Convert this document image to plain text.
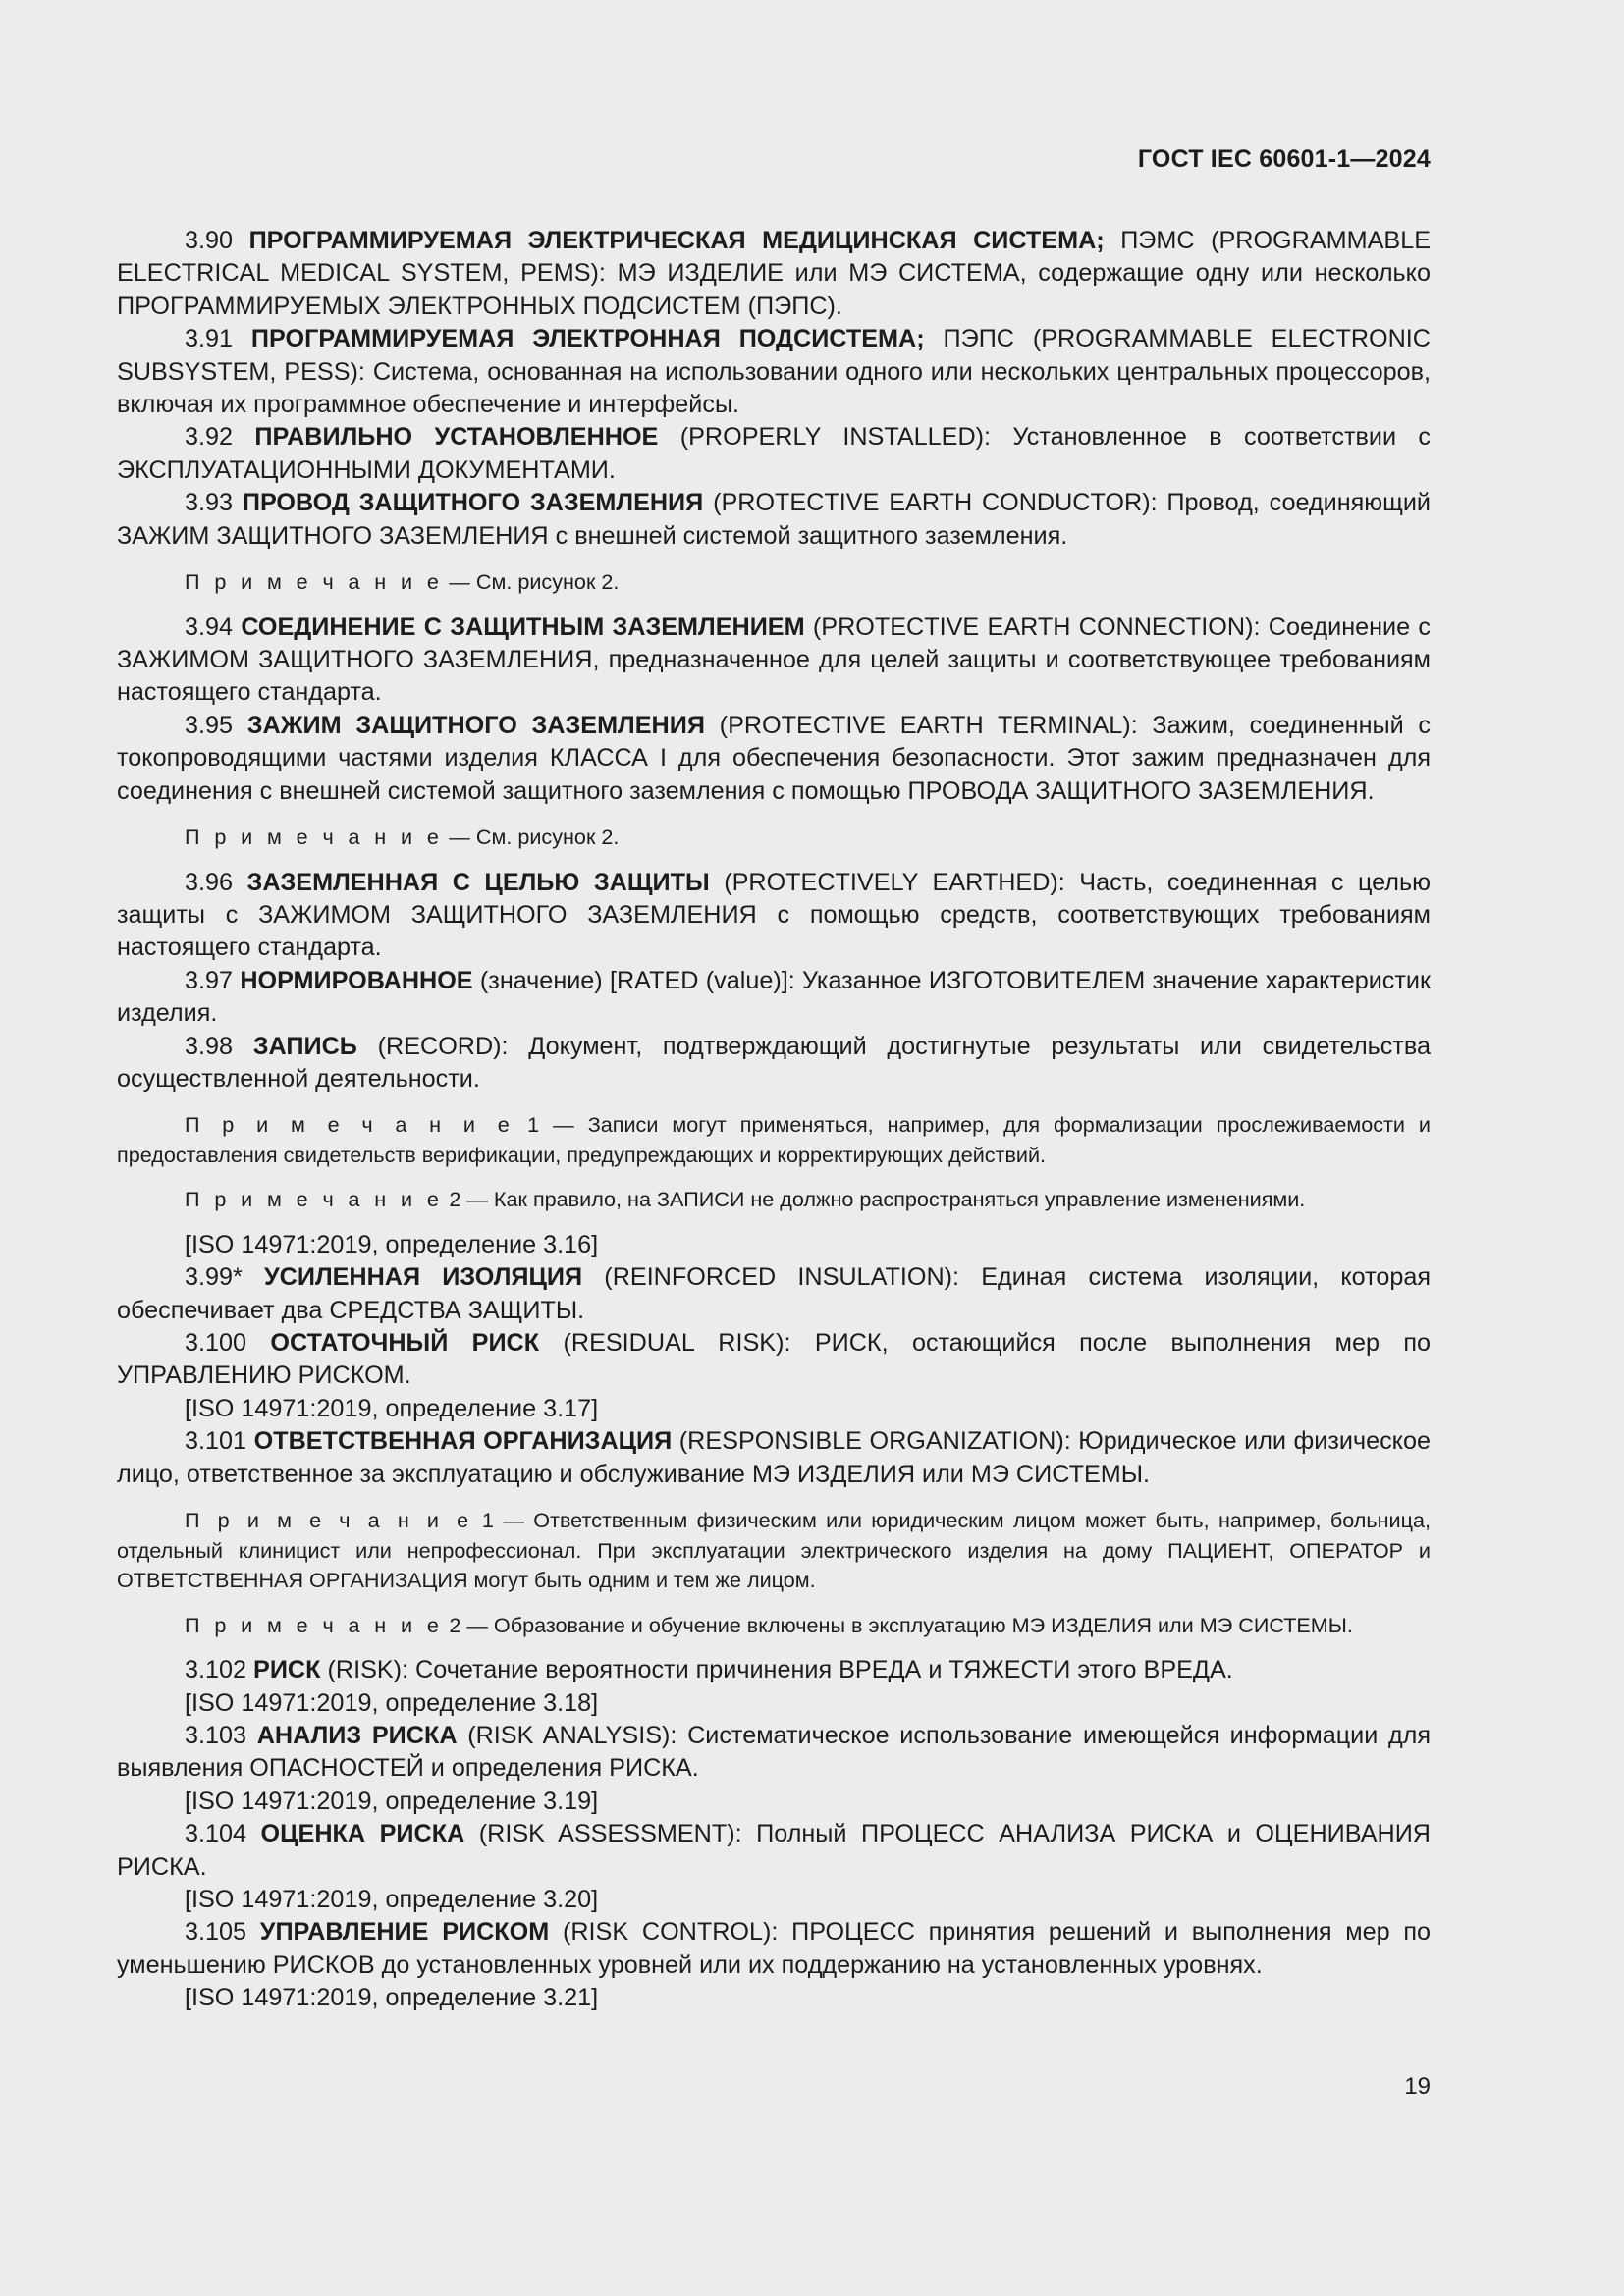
ГОСТ IEC 60601-1—2024

3.90 ПРОГРАММИРУЕМАЯ ЭЛЕКТРИЧЕСКАЯ МЕДИЦИНСКАЯ СИСТЕМА; ПЭМС (PROGRAMMABLE ELECTRICAL MEDICAL SYSTEM, PEMS): МЭ ИЗДЕЛИЕ или МЭ СИСТЕМА, содержащие одну или несколько ПРОГРАММИРУЕМЫХ ЭЛЕКТРОННЫХ ПОДСИСТЕМ (ПЭПС).

3.91 ПРОГРАММИРУЕМАЯ ЭЛЕКТРОННАЯ ПОДСИСТЕМА; ПЭПС (PROGRAMMABLE ELECTRONIC SUBSYSTEM, PESS): Система, основанная на использовании одного или нескольких центральных процессоров, включая их программное обеспечение и интерфейсы.

3.92 ПРАВИЛЬНО УСТАНОВЛЕННОЕ (PROPERLY INSTALLED): Установленное в соответствии с ЭКСПЛУАТАЦИОННЫМИ ДОКУМЕНТАМИ.

3.93 ПРОВОД ЗАЩИТНОГО ЗАЗЕМЛЕНИЯ (PROTECTIVE EARTH CONDUCTOR): Провод, соединяющий ЗАЖИМ ЗАЩИТНОГО ЗАЗЕМЛЕНИЯ с внешней системой защитного заземления.

П р и м е ч а н и е — См. рисунок 2.

3.94 СОЕДИНЕНИЕ С ЗАЩИТНЫМ ЗАЗЕМЛЕНИЕМ (PROTECTIVE EARTH CONNECTION): Соединение с ЗАЖИМОМ ЗАЩИТНОГО ЗАЗЕМЛЕНИЯ, предназначенное для целей защиты и соответствующее требованиям настоящего стандарта.

3.95 ЗАЖИМ ЗАЩИТНОГО ЗАЗЕМЛЕНИЯ (PROTECTIVE EARTH TERMINAL): Зажим, соединенный с токопроводящими частями изделия КЛАССА I для обеспечения безопасности. Этот зажим предназначен для соединения с внешней системой защитного заземления с помощью ПРОВОДА ЗАЩИТНОГО ЗАЗЕМЛЕНИЯ.

П р и м е ч а н и е — См. рисунок 2.

3.96 ЗАЗЕМЛЕННАЯ С ЦЕЛЬЮ ЗАЩИТЫ (PROTECTIVELY EARTHED): Часть, соединенная с целью защиты с ЗАЖИМОМ ЗАЩИТНОГО ЗАЗЕМЛЕНИЯ с помощью средств, соответствующих требованиям настоящего стандарта.

3.97 НОРМИРОВАННОЕ (значение) [RATED (value)]: Указанное ИЗГОТОВИТЕЛЕМ значение характеристик изделия.

3.98 ЗАПИСЬ (RECORD): Документ, подтверждающий достигнутые результаты или свидетельства осуществленной деятельности.

П р и м е ч а н и е 1 — Записи могут применяться, например, для формализации прослеживаемости и предоставления свидетельств верификации, предупреждающих и корректирующих действий.

П р и м е ч а н и е 2 — Как правило, на ЗАПИСИ не должно распространяться управление изменениями.

[ISO 14971:2019, определение 3.16]

3.99* УСИЛЕННАЯ ИЗОЛЯЦИЯ (REINFORCED INSULATION): Единая система изоляции, которая обеспечивает два СРЕДСТВА ЗАЩИТЫ.

3.100 ОСТАТОЧНЫЙ РИСК (RESIDUAL RISK): РИСК, остающийся после выполнения мер по УПРАВЛЕНИЮ РИСКОМ.

[ISO 14971:2019, определение 3.17]

3.101 ОТВЕТСТВЕННАЯ ОРГАНИЗАЦИЯ (RESPONSIBLE ORGANIZATION): Юридическое или физическое лицо, ответственное за эксплуатацию и обслуживание МЭ ИЗДЕЛИЯ или МЭ СИСТЕМЫ.

П р и м е ч а н и е 1 — Ответственным физическим или юридическим лицом может быть, например, больница, отдельный клиницист или непрофессионал. При эксплуатации электрического изделия на дому ПАЦИЕНТ, ОПЕРАТОР и ОТВЕТСТВЕННАЯ ОРГАНИЗАЦИЯ могут быть одним и тем же лицом.

П р и м е ч а н и е 2 — Образование и обучение включены в эксплуатацию МЭ ИЗДЕЛИЯ или МЭ СИСТЕМЫ.

3.102 РИСК (RISK): Сочетание вероятности причинения ВРЕДА и ТЯЖЕСТИ этого ВРЕДА.

[ISO 14971:2019, определение 3.18]

3.103 АНАЛИЗ РИСКА (RISK ANALYSIS): Систематическое использование имеющейся информации для выявления ОПАСНОСТЕЙ и определения РИСКА.

[ISO 14971:2019, определение 3.19]

3.104 ОЦЕНКА РИСКА (RISK ASSESSMENT): Полный ПРОЦЕСС АНАЛИЗА РИСКА и ОЦЕНИВАНИЯ РИСКА.

[ISO 14971:2019, определение 3.20]

3.105 УПРАВЛЕНИЕ РИСКОМ (RISK CONTROL): ПРОЦЕСС принятия решений и выполнения мер по уменьшению РИСКОВ до установленных уровней или их поддержанию на установленных уровнях.

[ISO 14971:2019, определение 3.21]

19
